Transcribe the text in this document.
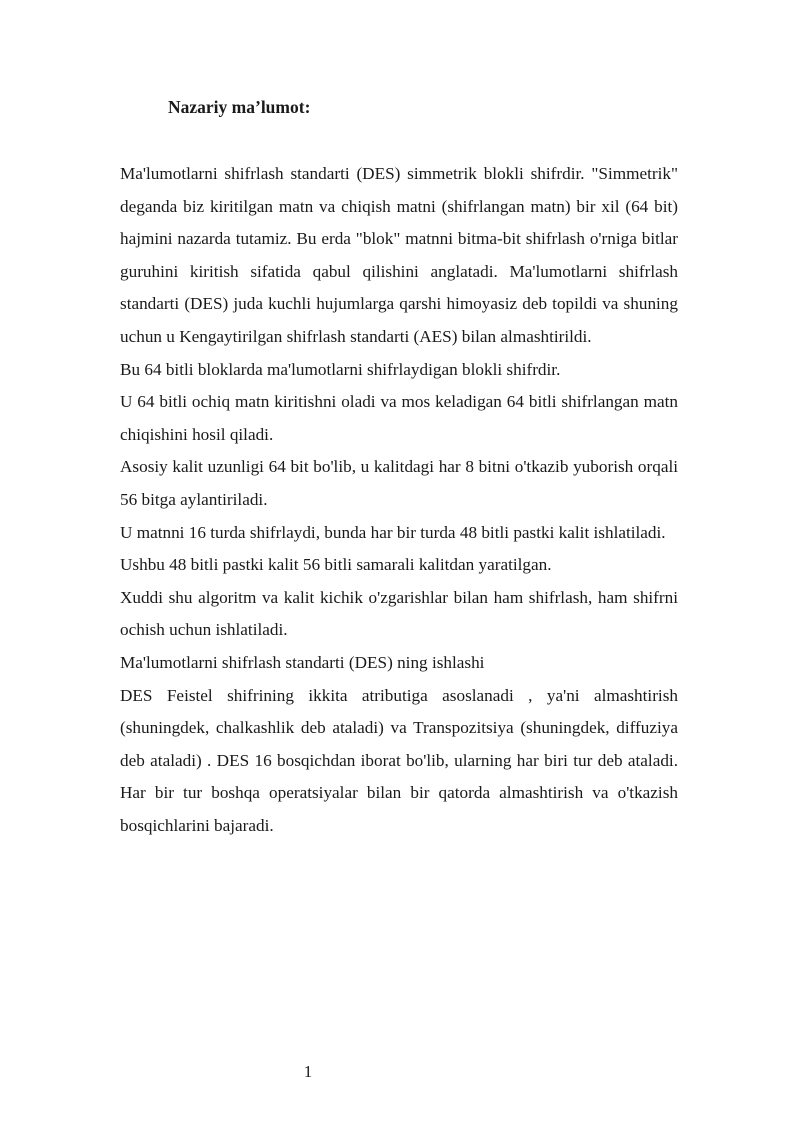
Nazariy ma’lumot:

Ma'lumotlarni shifrlash standarti (DES) simmetrik blokli shifrdir. "Simmetrik" deganda biz kiritilgan matn va chiqish matni (shifrlangan matn) bir xil (64 bit) hajmini nazarda tutamiz. Bu erda "blok" matnni bitma-bit shifrlash o'rniga bitlar guruhini kiritish sifatida qabul qilishini anglatadi. Ma'lumotlarni shifrlash standarti (DES) juda kuchli hujumlarga qarshi himoyasiz deb topildi va shuning uchun u Kengaytirilgan shifrlash standarti (AES) bilan almashtirildi.

Bu 64 bitli bloklarda ma'lumotlarni shifrlaydigan blokli shifrdir.

U 64 bitli ochiq matn kiritishni oladi va mos keladigan 64 bitli shifrlangan matn chiqishini hosil qiladi.

Asosiy kalit uzunligi 64 bit bo'lib, u kalitdagi har 8 bitni o'tkazib yuborish orqali 56 bitga aylantiriladi.

U matnni 16 turda shifrlaydi, bunda har bir turda 48 bitli pastki kalit ishlatiladi.

Ushbu 48 bitli pastki kalit 56 bitli samarali kalitdan yaratilgan.

Xuddi shu algoritm va kalit kichik o'zgarishlar bilan ham shifrlash, ham shifrni ochish uchun ishlatiladi.

Ma'lumotlarni shifrlash standarti (DES) ning ishlashi

DES Feistel shifrining ikkita atributiga asoslanadi , ya'ni almashtirish (shuningdek, chalkashlik deb ataladi) va Transpozitsiya (shuningdek, diffuziya deb ataladi) . DES 16 bosqichdan iborat bo'lib, ularning har biri tur deb ataladi. Har bir tur boshqa operatsiyalar bilan bir qatorda almashtirish va o'tkazish bosqichlarini bajaradi.

1
